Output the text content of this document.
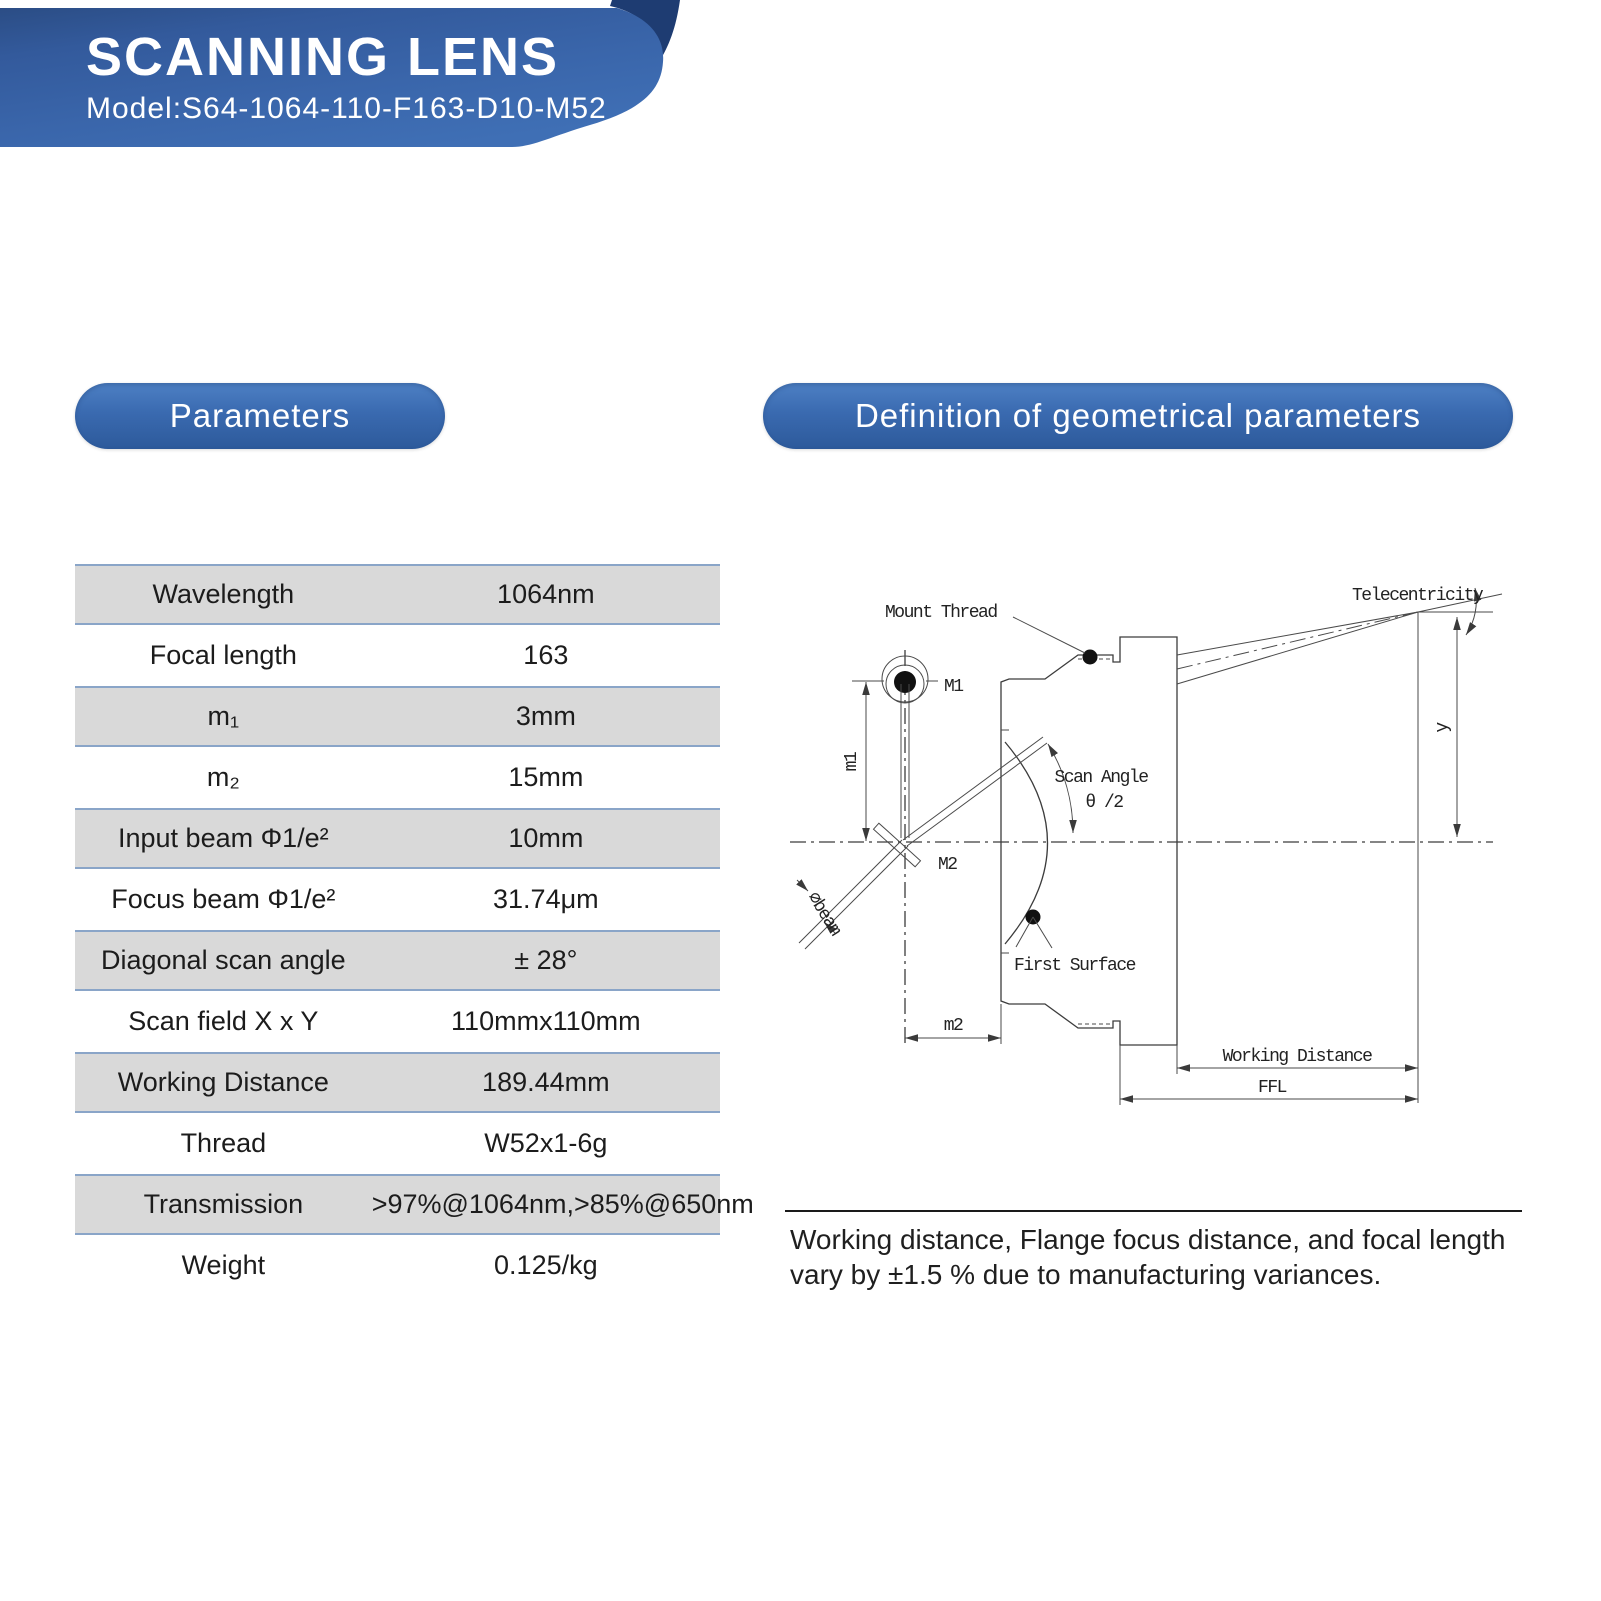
SCANNING LENS
Model:S64-1064-110-F163-D10-M52
Parameters	Definition of geometrical parameters
Wavelength	1064nm
Focal length	163
m₁	3mm
m₂	15mm
Input beam Φ1/e²	10mm
Focus beam Φ1/e²	31.74μm
Diagonal scan angle	± 28°
Scan field X x Y	110mmx110mm
Working Distance	189.44mm
Thread	W52x1-6g
Transmission	>97%@1064nm,>85%@650nm
Weight	0.125/kg
Mount Thread
M1
M2
⌀beam
Scan Angle
θ /2
First Surface
Telecentricity
y
m1
m2
Working Distance
FFL
Working distance, Flange focus distance, and focal length vary by ±1.5 % due to manufacturing variances.
